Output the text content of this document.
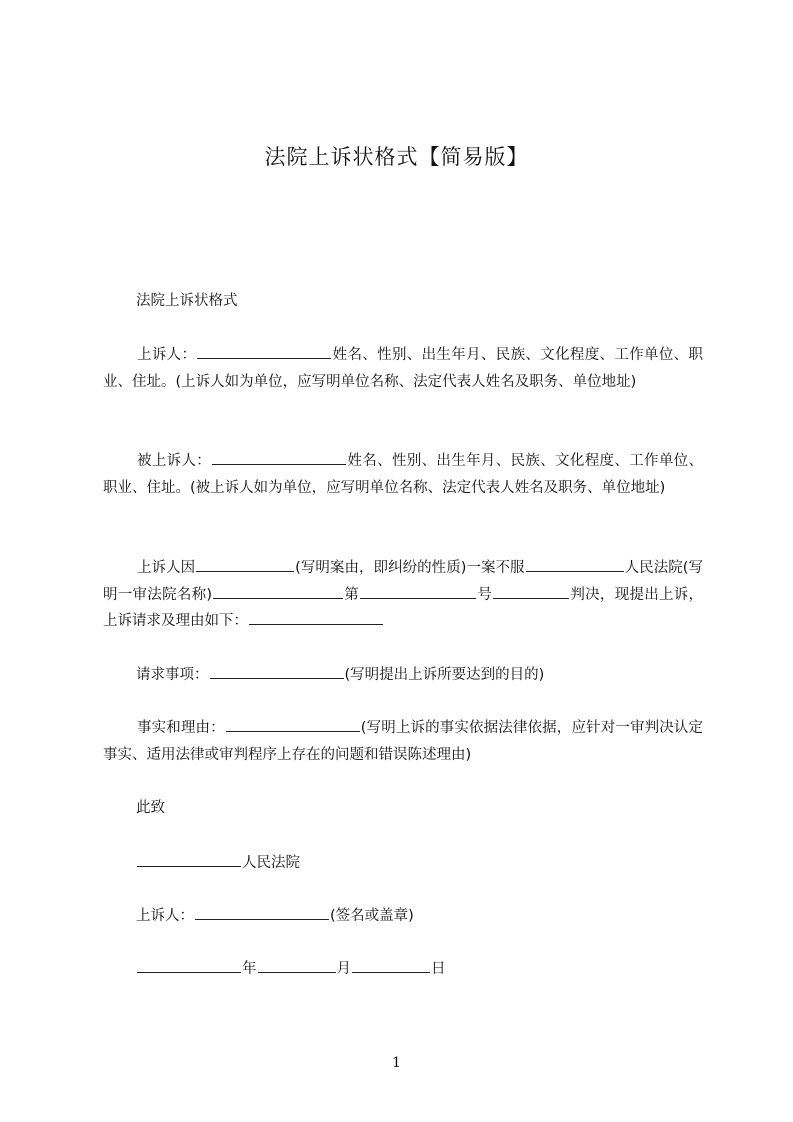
法院上诉状格式【简易版】
法院上诉状格式
上诉人：	姓名、性别、出生年月、民族、文化程度、工作单位、职业、住址。(上诉人如为单位，应写明单位名称、法定代表人姓名及职务、单位地址)
被上诉人：	姓名、性别、出生年月、民族、文化程度、工作单位、职业、住址。(被上诉人如为单位，应写明单位名称、法定代表人姓名及职务、单位地址)
上诉人因	(写明案由，即纠纷的性质)一案不服	人民法院(写明一审法院名称)	第	号	判决，现提出上诉，上诉请求及理由如下：
请求事项：	(写明提出上诉所要达到的目的)
事实和理由：	(写明上诉的事实依据法律依据，应针对一审判决认定事实、适用法律或审判程序上存在的问题和错误陈述理由)
此致
人民法院
上诉人：	(签名或盖章)
年	月	日
1
